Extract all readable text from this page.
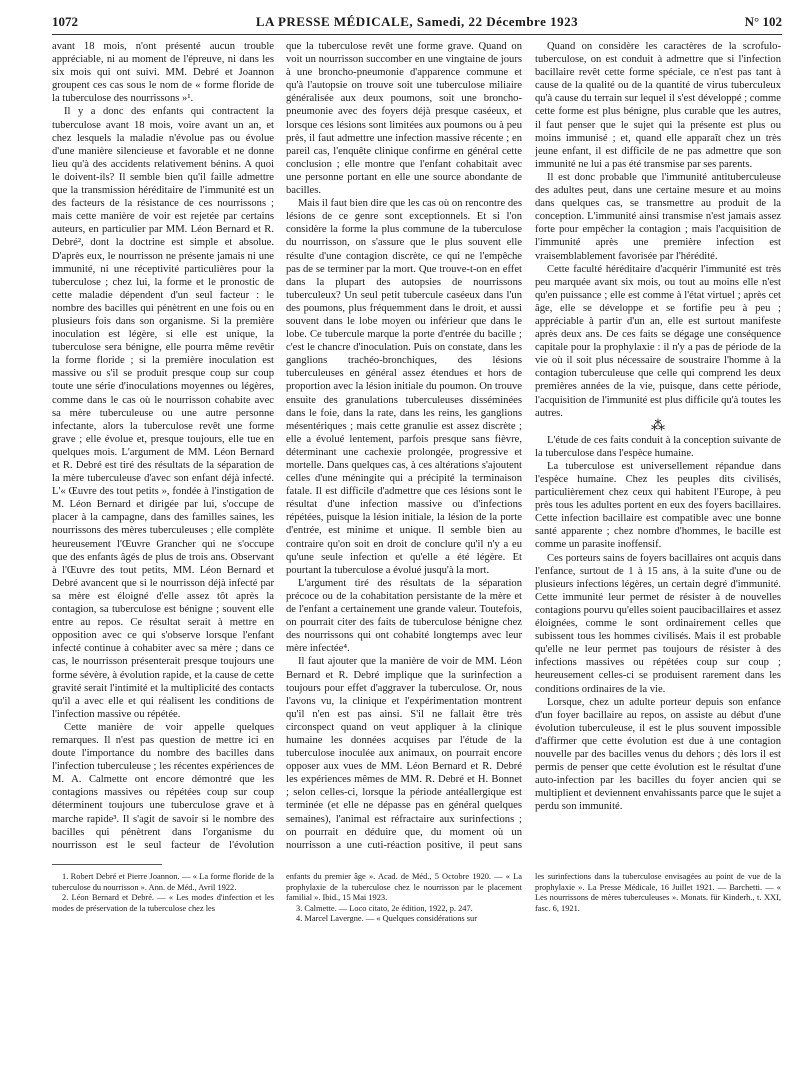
1072	LA PRESSE MÉDICALE, Samedi, 22 Décembre 1923	N° 102

avant 18 mois, n'ont présenté aucun trouble appréciable, ni au moment de l'épreuve, ni dans les six mois qui ont suivi. MM. Debré et Joannon groupent ces cas sous le nom de « forme floride de la tuberculose des nourrissons »¹.

Il y a donc des enfants qui contractent la tuberculose avant 18 mois, voire avant un an, et chez lesquels la maladie n'évolue pas ou évolue d'une manière silencieuse et favorable et ne donne lieu qu'à des accidents relativement bénins. A quoi le doivent-ils? Il semble bien qu'il faille admettre que la transmission héréditaire de l'immunité est un des facteurs de la résistance de ces nourrissons ; mais cette manière de voir est rejetée par certains auteurs, en particulier par MM. Léon Bernard et R. Debré², dont la doctrine est simple et absolue. D'après eux, le nourrisson ne présente jamais ni une immunité, ni une réceptivité particulières pour la tuberculose ; chez lui, la forme et le pronostic de cette maladie dépendent d'un seul facteur : le nombre des bacilles qui pénètrent en une fois ou en plusieurs fois dans son organisme. Si la première inoculation est légère, si elle est unique, la tuberculose sera bénigne, elle pourra même revêtir la forme floride ; si la première inoculation est massive ou s'il se produit presque coup sur coup toute une série d'inoculations moyennes ou légères, comme dans le cas où le nourrisson cohabite avec sa mère tuberculeuse ou une autre personne infectante, alors la tuberculose revêt une forme grave ; elle évolue et, presque toujours, elle tue en quelques mois. L'argument de MM. Léon Bernard et R. Debré est tiré des résultats de la séparation de la mère tuberculeuse d'avec son enfant déjà infecté. L'« Œuvre des tout petits », fondée à l'instigation de M. Léon Bernard et dirigée par lui, s'occupe de placer à la campagne, dans des familles saines, les nourrissons des mères tuberculeuses ; elle complète heureusement l'Œuvre Grancher qui ne s'occupe que des enfants âgés de plus de trois ans. Observant à l'Œuvre des tout petits, MM. Léon Bernard et Debré avancent que si le nourrisson déjà infecté par sa mère est éloigné d'elle assez tôt après la contagion, sa tuberculose est bénigne ; souvent elle entre au repos. Ce résultat serait à mettre en opposition avec ce qui s'observe lorsque l'enfant infecté continue à cohabiter avec sa mère ; dans ce cas, le nourrisson présenterait presque toujours une forme sévère, à évolution rapide, et la cause de cette gravité serait l'intimité et la multiplicité des contacts qu'il a avec elle et qui réalisent les conditions de l'infection massive ou répétée.

Cette manière de voir appelle quelques remarques. Il n'est pas question de mettre ici en doute l'importance du nombre des bacilles dans l'infection tuberculeuse ; les récentes expériences de M. A. Calmette ont encore démontré que les contagions massives ou répétées coup sur coup déterminent toujours une tuberculose grave et à marche rapide³. Il s'agit de savoir si le nombre des bacilles qui pénètrent dans l'organisme du nourrisson est le seul facteur de l'évolution

que la tuberculose revêt une forme grave. Quand on voit un nourrisson succomber en une vingtaine de jours à une broncho-pneumonie d'apparence commune et qu'à l'autopsie on trouve soit une tuberculose miliaire généralisée aux deux poumons, soit une broncho-pneumonie avec des foyers déjà presque caséeux, et lorsque ces lésions sont limitées aux poumons ou à peu près, il faut admettre une infection massive récente ; en pareil cas, l'enquête clinique confirme en général cette conclusion ; elle montre que l'enfant cohabitait avec une personne portant en elle une source abondante de bacilles.

Mais il faut bien dire que les cas où on rencontre des lésions de ce genre sont exceptionnels. Et si l'on considère la forme la plus commune de la tuberculose du nourrisson, on s'assure que le plus souvent elle résulte d'une contagion discrète, ce qui ne l'empêche pas de se terminer par la mort. Que trouve-t-on en effet dans la plupart des autopsies de nourrissons tuberculeux? Un seul petit tubercule caséeux dans l'un des poumons, plus fréquemment dans le droit, et aussi souvent dans le lobe moyen ou inférieur que dans le lobe. Ce tubercule marque la porte d'entrée du bacille ; c'est le chancre d'inoculation. Puis on constate, dans les ganglions trachéo-bronchiques, des lésions tuberculeuses en général assez étendues et hors de proportion avec la lésion initiale du poumon. On trouve ensuite des granulations tuberculeuses disséminées dans le foie, dans la rate, dans les reins, les ganglions mésentériques ; mais cette granulie est assez discrète ; elle a évolué lentement, parfois presque sans fièvre, déterminant une cachexie prolongée, progressive et mortelle. Dans quelques cas, à ces altérations s'ajoutent celles d'une méningite qui a précipité la terminaison fatale. Il est difficile d'admettre que ces lésions sont le résultat d'une infection massive ou d'infections répétées, puisque la lésion initiale, la lésion de la porte d'entrée, est minime et unique. Il semble bien au contraire qu'on soit en droit de conclure qu'il n'y a eu qu'une seule infection et qu'elle a été légère. Et pourtant la tuberculose a évolué jusqu'à la mort.

L'argument tiré des résultats de la séparation précoce ou de la cohabitation persistante de la mère et de l'enfant a certainement une grande valeur. Toutefois, on pourrait citer des faits de tuberculose bénigne chez des nourrissons qui ont cohabité longtemps avec leur mère infectée⁴.

Il faut ajouter que la manière de voir de MM. Léon Bernard et R. Debré implique que la surinfection a toujours pour effet d'aggraver la tuberculose. Or, nous l'avons vu, la clinique et l'expérimentation montrent qu'il n'en est pas ainsi. S'il ne fallait être très circonspect quand on veut appliquer à la clinique humaine les données acquises par l'étude de la tuberculose inoculée aux animaux, on pourrait encore opposer aux vues de MM. Léon Bernard et R. Debré les expériences mêmes de MM. R. Debré et H. Bonnet ; selon celles-ci, lorsque la période antéallergique est terminée (et elle ne dépasse pas en général quelques semaines), l'animal est réfractaire aux surinfections ; on pourrait en déduire que, du moment où un nourrisson a une cuti-réaction positive, il peut sans

Quand on considère les caractères de la scrofulo-tuberculose, on est conduit à admettre que si l'infection bacillaire revêt cette forme spéciale, ce n'est pas tant à cause de la qualité ou de la quantité de virus tuberculeux qu'à cause du terrain sur lequel il s'est développé ; comme cette forme est plus bénigne, plus curable que les autres, il faut penser que le sujet qui la présente est plus ou moins immunisé ; et, quand elle apparaît chez un très jeune enfant, il est difficile de ne pas admettre que son immunité ne lui a pas été transmise par ses parents.

Il est donc probable que l'immunité antituberculeuse des adultes peut, dans une certaine mesure et au moins dans quelques cas, se transmettre au produit de la conception. L'immunité ainsi transmise n'est jamais assez forte pour empêcher la contagion ; mais l'acquisition de l'immunité après une première infection est vraisemblablement favorisée par l'hérédité.

Cette faculté héréditaire d'acquérir l'immunité est très peu marquée avant six mois, ou tout au moins elle n'est qu'en puissance ; elle est comme à l'état virtuel ; après cet âge, elle se développe et se fortifie peu à peu ; appréciable à partir d'un an, elle est surtout manifeste après deux ans. De ces faits se dégage une conséquence capitale pour la prophylaxie : il n'y a pas de période de la vie où il soit plus nécessaire de soustraire l'homme à la contagion tuberculeuse que celle qui comprend les deux premières années de la vie, puisque, dans cette période, l'acquisition de l'immunité est plus difficile qu'à toutes les autres.

⁂

L'étude de ces faits conduit à la conception suivante de la tuberculose dans l'espèce humaine.

La tuberculose est universellement répandue dans l'espèce humaine. Chez les peuples dits civilisés, particulièrement chez ceux qui habitent l'Europe, à peu près tous les adultes portent en eux des foyers bacillaires. Cette infection bacillaire est compatible avec une bonne santé apparente ; chez nombre d'hommes, le bacille est comme un parasite inoffensif.

Ces porteurs sains de foyers bacillaires ont acquis dans l'enfance, surtout de 1 à 15 ans, à la suite d'une ou de plusieurs infections légères, un certain degré d'immunité. Cette immunité leur permet de résister à de nouvelles contagions pourvu qu'elles soient paucibacillaires et assez éloignées, comme le sont ordinairement celles que subissent tous les hommes civilisés. Mais il est probable qu'elle ne leur permet pas toujours de résister à des infections massives ou répétées coup sur coup ; heureusement celles-ci se produisent rarement dans les conditions ordinaires de la vie.

Lorsque, chez un adulte porteur depuis son enfance d'un foyer bacillaire au repos, on assiste au début d'une évolution tuberculeuse, il est le plus souvent impossible d'affirmer que cette évolution est due à une contagion nouvelle par des bacilles venus du dehors ; dès lors il est permis de penser que cette évolution est le résultat d'une auto-infection par les bacilles du foyer ancien qui se multiplient et deviennent envahissants parce que le sujet a perdu son immunité.

1. Robert Debré et Pierre Joannon. — « La forme floride de la tuberculose du nourrisson ». Ann. de Méd., Avril 1922.

2. Léon Bernard et Debré. — « Les modes d'infection et les modes de préservation de la tuberculose chez les

enfants du premier âge ». Acad. de Méd., 5 Octobre 1920. — « La prophylaxie de la tuberculose chez le nourrisson par le placement familial ». Ibid., 15 Mai 1923.

3. Calmette. — Loco citato, 2e édition, 1922, p. 247.

4. Marcel Lavergne. — « Quelques considérations sur

les surinfections dans la tuberculose envisagées au point de vue de la prophylaxie ». La Presse Médicale, 16 Juillet 1921. — Barchetti. — « Les nourrissons de mères tuberculeuses ». Monats. für Kinderh., t. XXI, fasc. 6, 1921.
